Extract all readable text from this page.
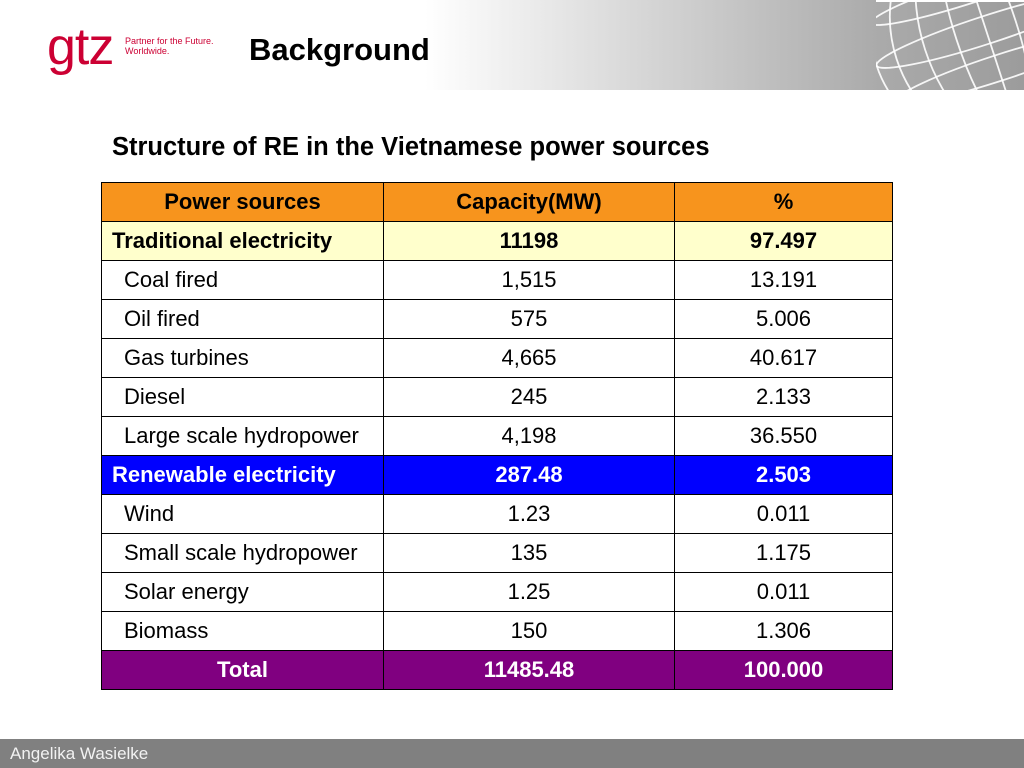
gtz Partner for the Future.
Worldwide.	Background
Structure of RE in the Vietnamese power sources
Power sources	Capacity(MW)	%
Traditional electricity	11198	97.497
Coal fired	1,515	13.191
Oil fired	575	5.006
Gas turbines	4,665	40.617
Diesel	245	2.133
Large scale hydropower	4,198	36.550
Renewable electricity	287.48	2.503
Wind	1.23	0.011
Small scale hydropower	135	1.175
Solar energy	1.25	0.011
Biomass	150	1.306
Total	11485.48	100.000
Angelika Wasielke
